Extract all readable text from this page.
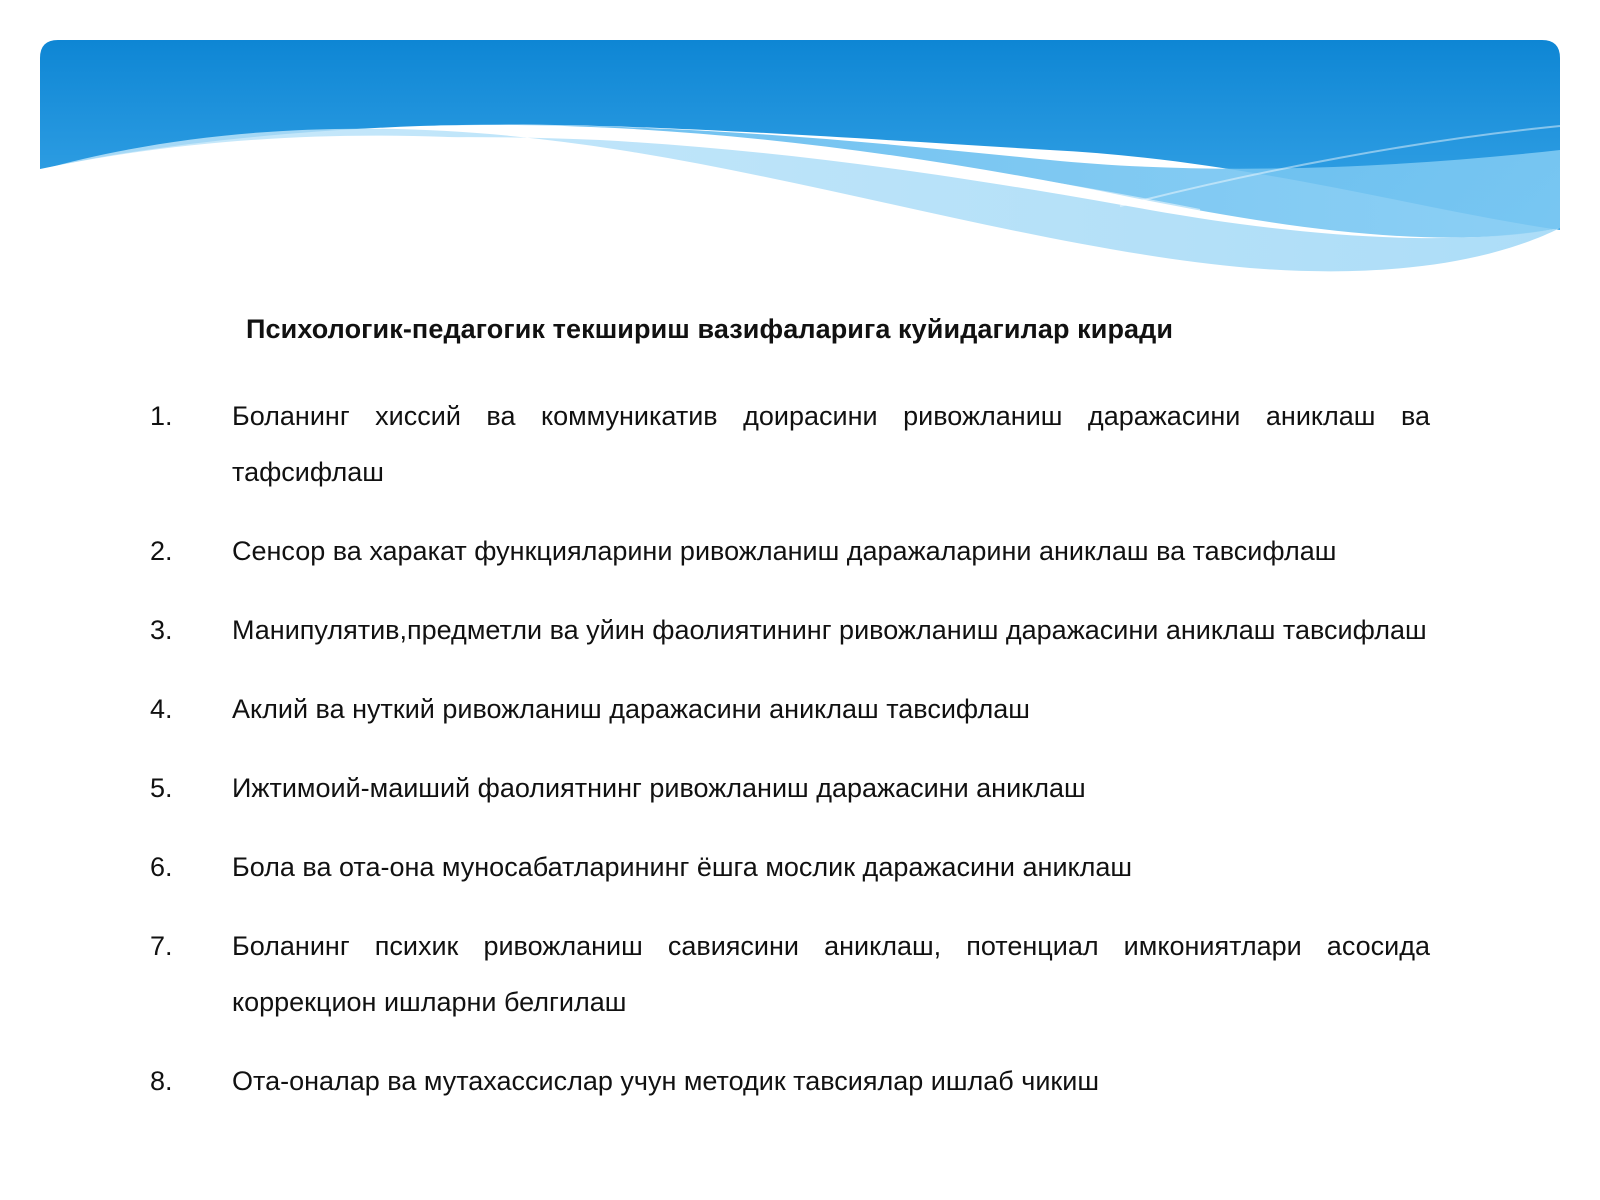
Психологик-педагогик текшириш вазифаларига куйидагилар киради
1.	Боланинг хиссий ва коммуникатив доирасини ривожланиш даражасини аниклаш ва тафсифлаш
2.	Сенсор ва харакат функцияларини ривожланиш даражаларини аниклаш ва тавсифлаш
3.	Манипулятив,предметли ва уйин фаолиятининг ривожланиш даражасини аниклаш тавсифлаш
4.	Аклий ва нуткий ривожланиш даражасини аниклаш тавсифлаш
5.	Ижтимоий-маиший фаолиятнинг ривожланиш даражасини аниклаш
6.	Бола ва ота-она муносабатларининг ёшга мослик даражасини аниклаш
7.	Боланинг психик ривожланиш савиясини аниклаш, потенциал имкониятлари асосида коррекцион ишларни белгилаш
8.	Ота-оналар ва мутахассислар учун методик тавсиялар ишлаб чикиш
